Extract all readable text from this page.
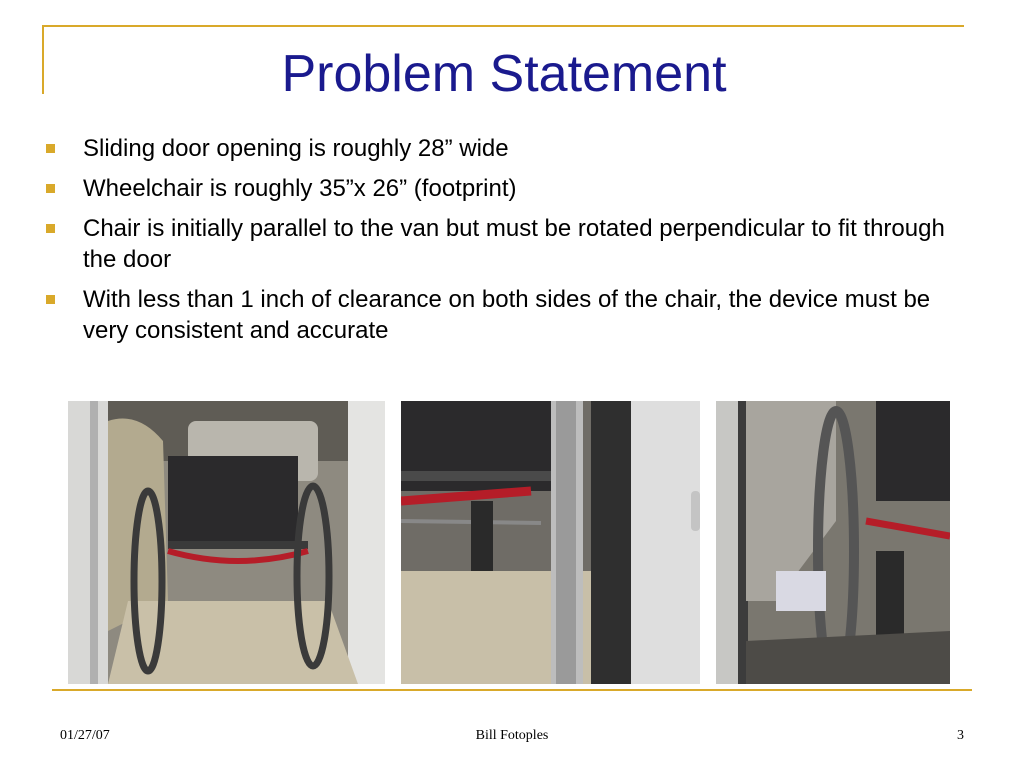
Problem Statement
Sliding door opening is roughly 28” wide
Wheelchair is roughly 35”x 26” (footprint)
Chair is initially parallel to the van but must be rotated perpendicular to fit through the door
With less than 1 inch of clearance on both sides of the chair, the device must be very consistent and accurate
01/27/07	Bill Fotoples	3
